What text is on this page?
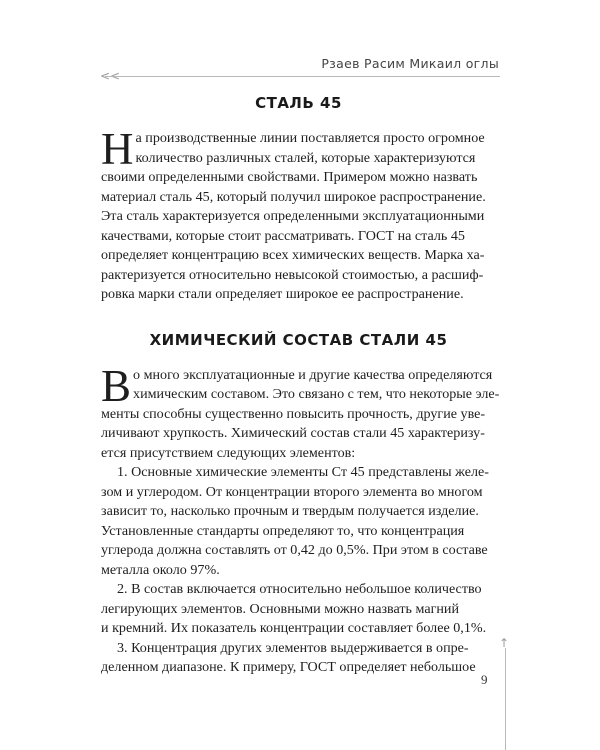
Рзаев Расим Микаил оглы
<<
СТАЛЬ 45

Н а производственные линии поставляется просто огромное
количество различных сталей, которые характеризуются
своими определенными свойствами. Примером можно назвать
материал сталь 45, который получил широкое распространение.
Эта сталь характеризуется определенными эксплуатационными
качествами, которые стоит рассматривать. ГОСТ на сталь 45
определяет концентрацию всех химических веществ. Марка ха-
рактеризуется относительно невысокой стоимостью, а расшиф-
ровка марки стали определяет широкое ее распространение.

ХИМИЧЕСКИЙ СОСТАВ СТАЛИ 45

В о много эксплуатационные и другие качества определяются
химическим составом. Это связано с тем, что некоторые эле-
менты способны существенно повысить прочность, другие уве-
личивают хрупкость. Химический состав стали 45 характеризу-
ется присутствием следующих элементов:

1. Основные химические элементы Ст 45 представлены желе-
зом и углеродом. От концентрации второго элемента во многом
зависит то, насколько прочным и твердым получается изделие.
Установленные стандарты определяют то, что концентрация
углерода должна составлять от 0,42 до 0,5%. При этом в составе
металла около 97%.

2. В состав включается относительно небольшое количество
легирующих элементов. Основными можно назвать магний
и кремний. Их показатель концентрации составляет более 0,1%.

3. Концентрация других элементов выдерживается в опре-
деленном диапазоне. К примеру, ГОСТ определяет небольшое

9
↑
